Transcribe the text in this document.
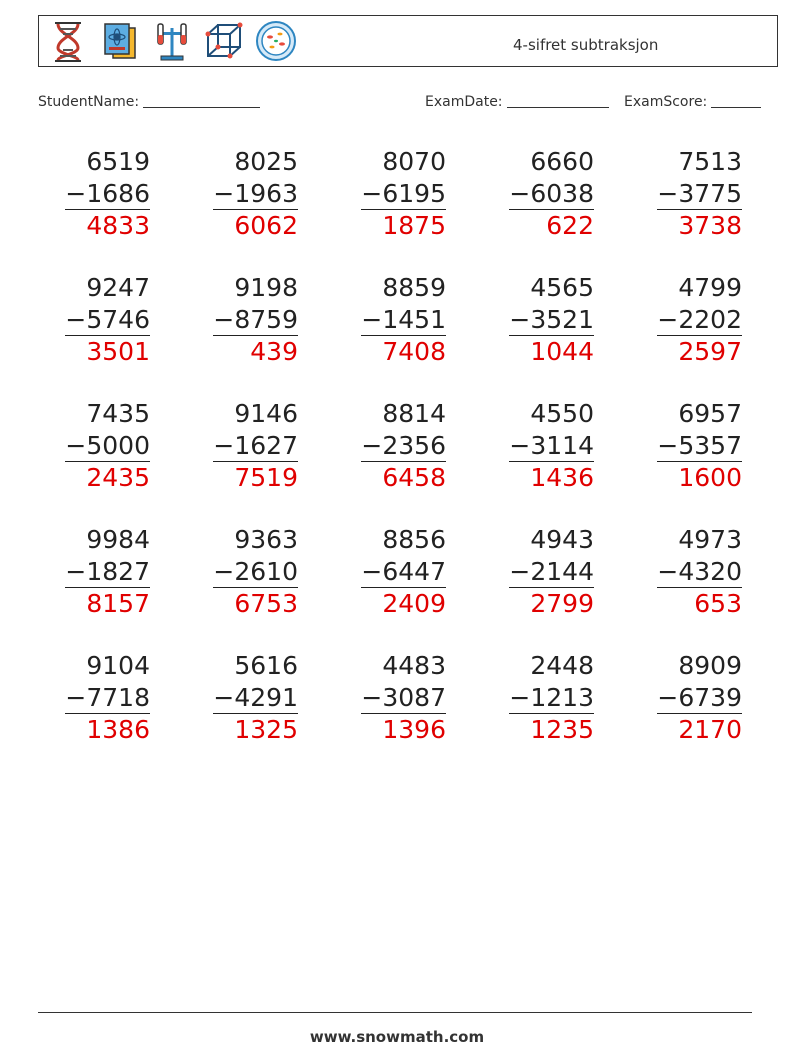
4-sifret subtraksjon
StudentName:	ExamDate:	ExamScore:
6519
−1686
4833
8025
−1963
6062
8070
−6195
1875
6660
−6038
622
7513
−3775
3738
9247
−5746
3501
9198
−8759
439
8859
−1451
7408
4565
−3521
1044
4799
−2202
2597
7435
−5000
2435
9146
−1627
7519
8814
−2356
6458
4550
−3114
1436
6957
−5357
1600
9984
−1827
8157
9363
−2610
6753
8856
−6447
2409
4943
−2144
2799
4973
−4320
653
9104
−7718
1386
5616
−4291
1325
4483
−3087
1396
2448
−1213
1235
8909
−6739
2170
www.snowmath.com
